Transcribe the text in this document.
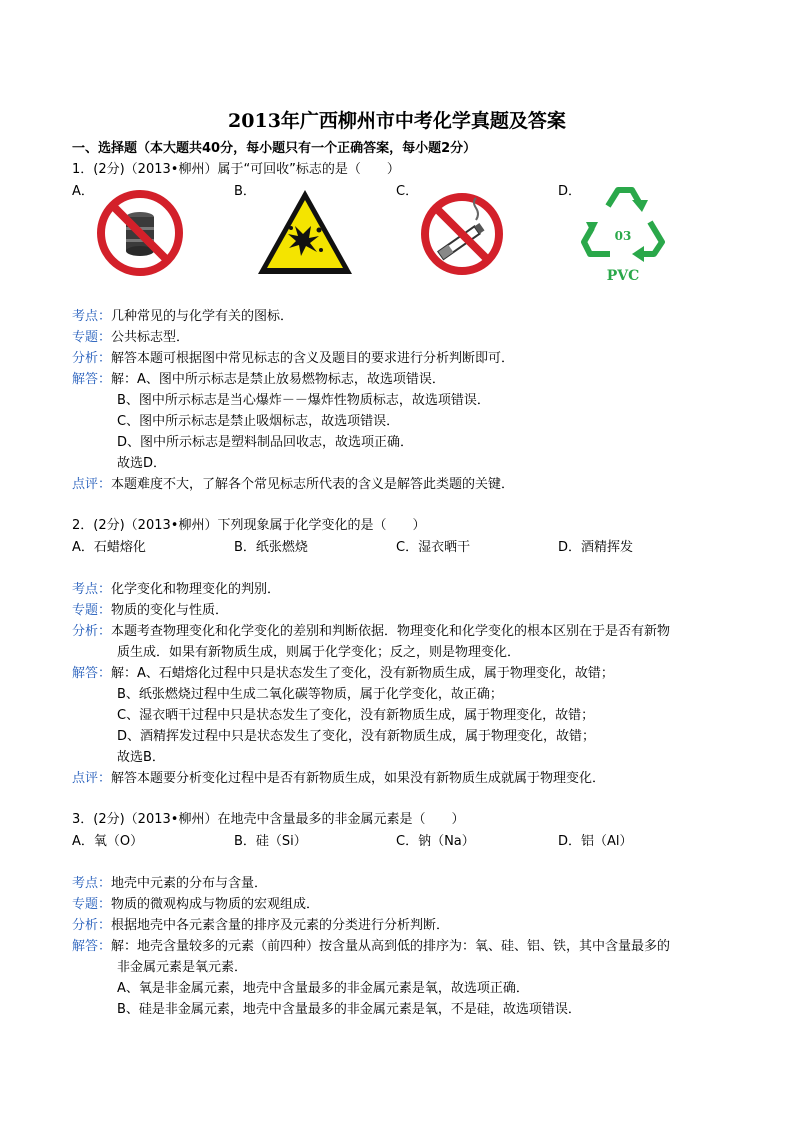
2013年广西柳州市中考化学真题及答案
一、选择题（本大题共40分，每小题只有一个正确答案，每小题2分）
1．(2分)（2013•柳州）属于“可回收”标志的是（　　）
A．	B．	C．	D．
03
PVC
考点：几种常见的与化学有关的图标．
专题：公共标志型．
分析：解答本题可根据图中常见标志的含义及题目的要求进行分析判断即可．
解答：解：A、图中所示标志是禁止放易燃物标志，故选项错误．
B、图中所示标志是当心爆炸－－爆炸性物质标志，故选项错误．
C、图中所示标志是禁止吸烟标志，故选项错误．
D、图中所示标志是塑料制品回收志，故选项正确．
故选D．
点评：本题难度不大，了解各个常见标志所代表的含义是解答此类题的关键．
2．(2分)（2013•柳州）下列现象属于化学变化的是（　　）
A．石蜡熔化	B．纸张燃烧	C．湿衣晒干	D．酒精挥发
考点：化学变化和物理变化的判别．
专题：物质的变化与性质．
分析：本题考查物理变化和化学变化的差别和判断依据．物理变化和化学变化的根本区别在于是否有新物
质生成．如果有新物质生成，则属于化学变化；反之，则是物理变化．
解答：解：A、石蜡熔化过程中只是状态发生了变化，没有新物质生成，属于物理变化，故错；
B、纸张燃烧过程中生成二氧化碳等物质，属于化学变化，故正确；
C、湿衣晒干过程中只是状态发生了变化，没有新物质生成，属于物理变化，故错；
D、酒精挥发过程中只是状态发生了变化，没有新物质生成，属于物理变化，故错；
故选B．
点评：解答本题要分析变化过程中是否有新物质生成，如果没有新物质生成就属于物理变化．
3．(2分)（2013•柳州）在地壳中含量最多的非金属元素是（　　）
A．氧（O）	B．硅（Si）	C．钠（Na）	D．铝（Al）
考点：地壳中元素的分布与含量．
专题：物质的微观构成与物质的宏观组成．
分析：根据地壳中各元素含量的排序及元素的分类进行分析判断．
解答：解：地壳含量较多的元素（前四种）按含量从高到低的排序为：氧、硅、铝、铁，其中含量最多的
非金属元素是氧元素．
A、氧是非金属元素，地壳中含量最多的非金属元素是氧，故选项正确．
B、硅是非金属元素，地壳中含量最多的非金属元素是氧，不是硅，故选项错误．
